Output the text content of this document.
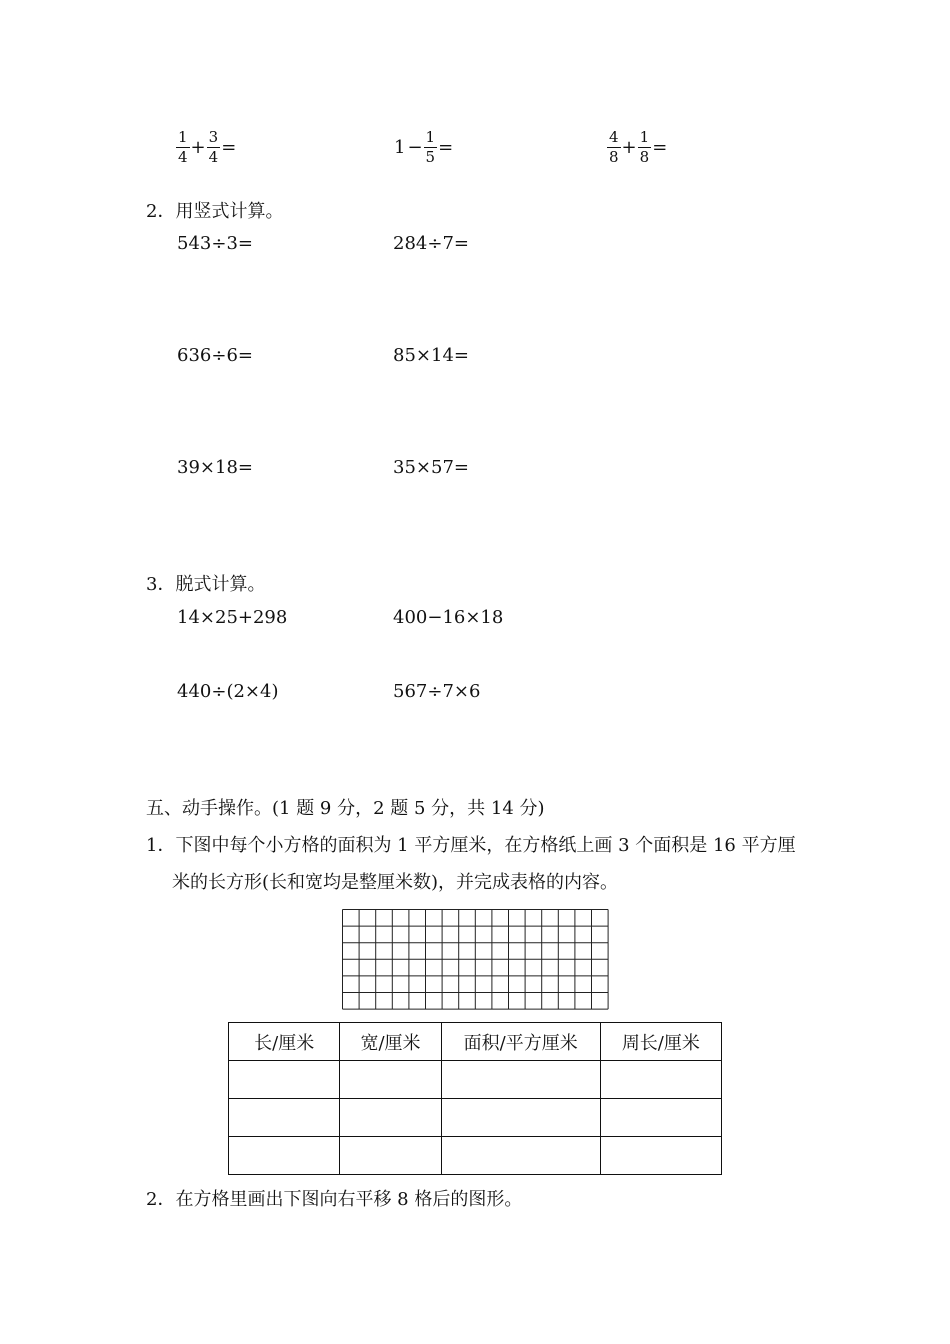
$\frac{1}{4} + \frac{3}{4}$ =	$1 - \frac{1}{5}$ =	$\frac{4}{8} + \frac{1}{8}$ =
2．用竖式计算。
543÷3=	284÷7=
636÷6=	85×14=
39×18=	35×57=
3．脱式计算。
14×25+298	400−16×18
440÷(2×4)	567÷7×6
五、动手操作。(1 题 9 分，2 题 5 分，共 14 分)
1．下图中每个小方格的面积为 1 平方厘米，在方格纸上画 3 个面积是 16 平方厘
米的长方形(长和宽均是整厘米数)，并完成表格的内容。
长/厘米	宽/厘米	面积/平方厘米	周长/厘米

2．在方格里画出下图向右平移 8 格后的图形。
